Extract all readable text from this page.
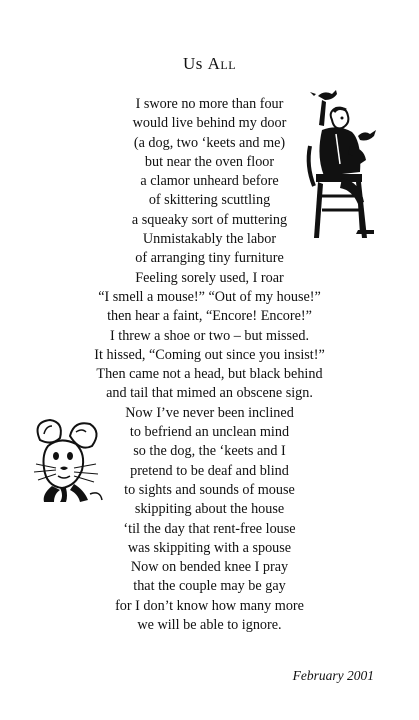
Us All
I swore no more than four
would live behind my door
(a dog, two ‘keets and me)
but near the oven floor
a clamor unheard before
of skittering scuttling
a squeaky sort of muttering
Unmistakably the labor
of arranging tiny furniture
Feeling sorely used, I roar
“I smell a mouse!” “Out of my house!”
then hear a faint, “Encore! Encore!”
I threw a shoe or two – but missed.
It hissed, “Coming out since you insist!”
Then came not a head, but black behind
and tail that mimed an obscene sign.
Now I’ve never been inclined
to befriend an unclean mind
so the dog, the ‘keets and I
pretend to be deaf and blind
to sights and sounds of mouse
skippiting about the house
‘til the day that rent-free louse
was skippiting with a spouse
Now on bended knee I pray
that the couple may be gay
for I don’t know how many more
we will be able to ignore.
February 2001
